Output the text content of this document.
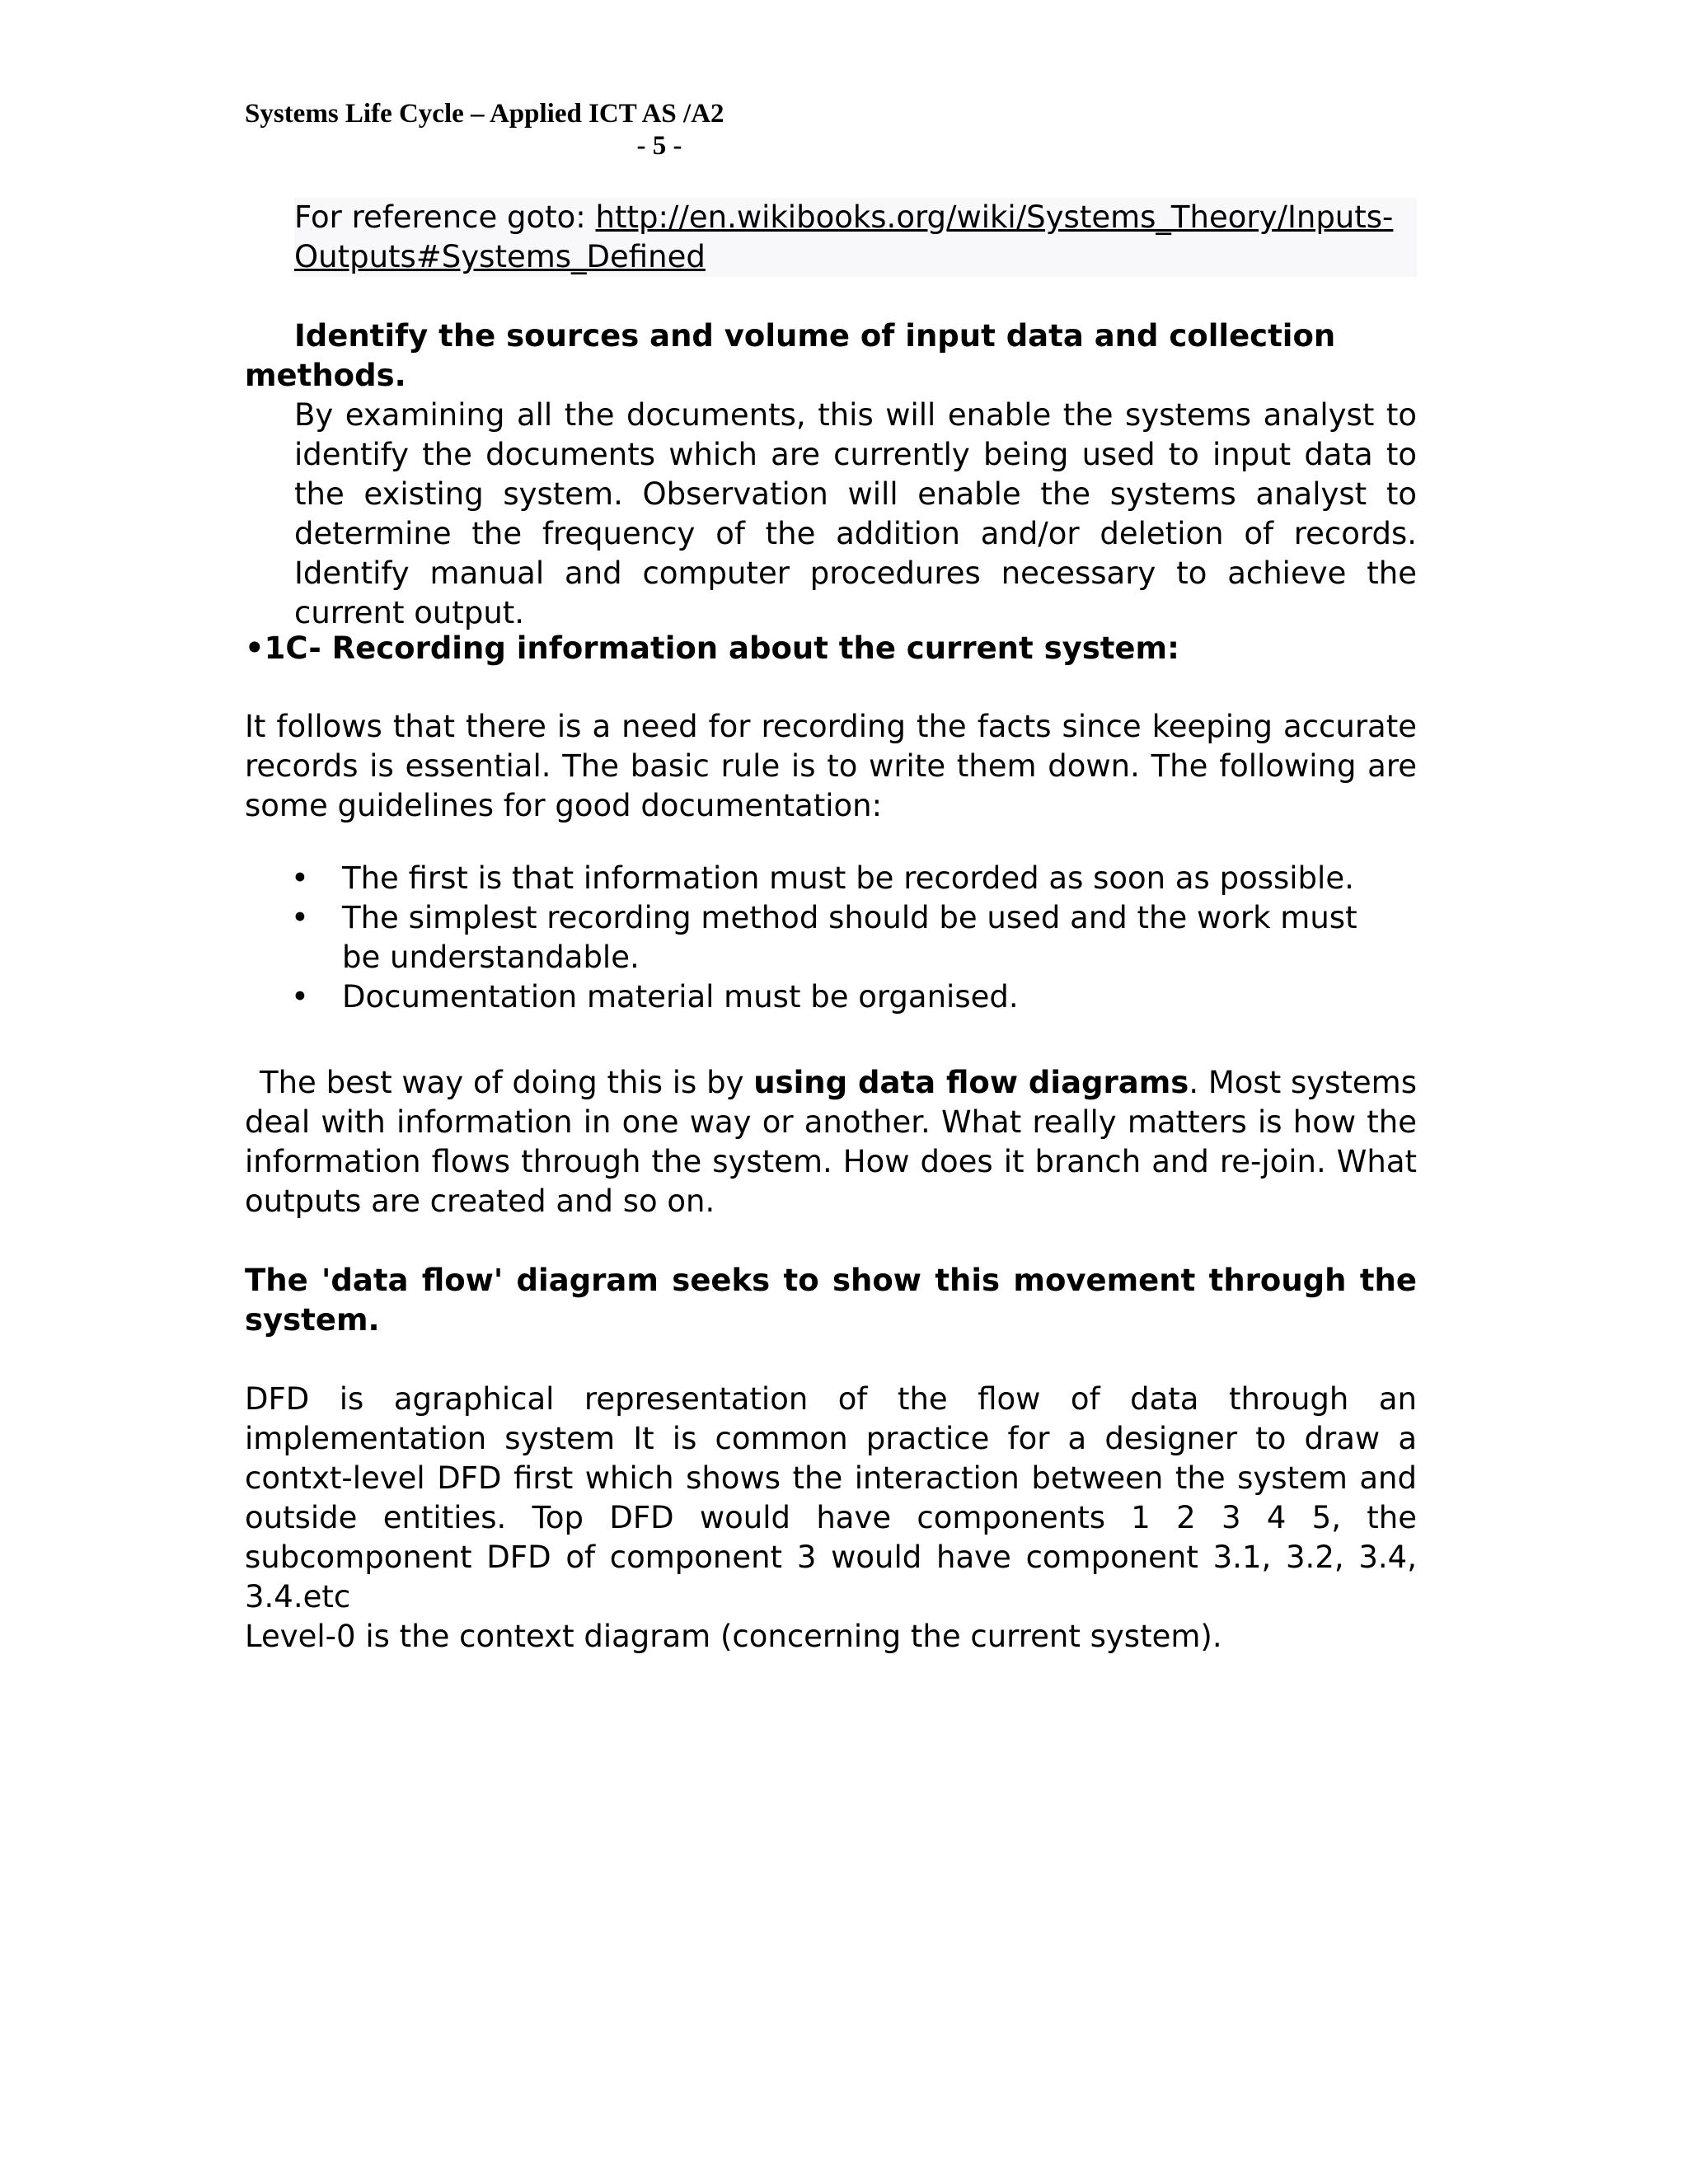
Systems Life Cycle – Applied ICT AS /A2
- 5 -
For reference goto: http://en.wikibooks.org/wiki/Systems_Theory/Inputs-
Outputs#Systems_Defined
Identify the sources and volume of input data and collection methods.
By examining all the documents, this will enable the systems analyst to identify the documents which are currently being used to input data to the existing system. Observation will enable the systems analyst to determine the frequency of the addition and/or deletion of records. Identify manual and computer procedures necessary to achieve the current output.
•1C- Recording information about the current system:
It follows that there is a need for recording the facts since keeping accurate records is essential. The basic rule is to write them down. The following are some guidelines for good documentation:
• The first is that information must be recorded as soon as possible.
• The simplest recording method should be used and the work must be understandable.
• Documentation material must be organised.
The best way of doing this is by using data flow diagrams. Most systems deal with information in one way or another. What really matters is how the information flows through the system. How does it branch and re-join. What outputs are created and so on.
The 'data flow' diagram seeks to show this movement through the system.
DFD is agraphical representation of the flow of data through an implementation system It is common practice for a designer to draw a contxt-level DFD first which shows the interaction between the system and outside entities. Top DFD would have components 1 2 3 4 5, the subcomponent DFD of component 3 would have component 3.1, 3.2, 3.4, 3.4.etc
Level-0 is the context diagram (concerning the current system).
